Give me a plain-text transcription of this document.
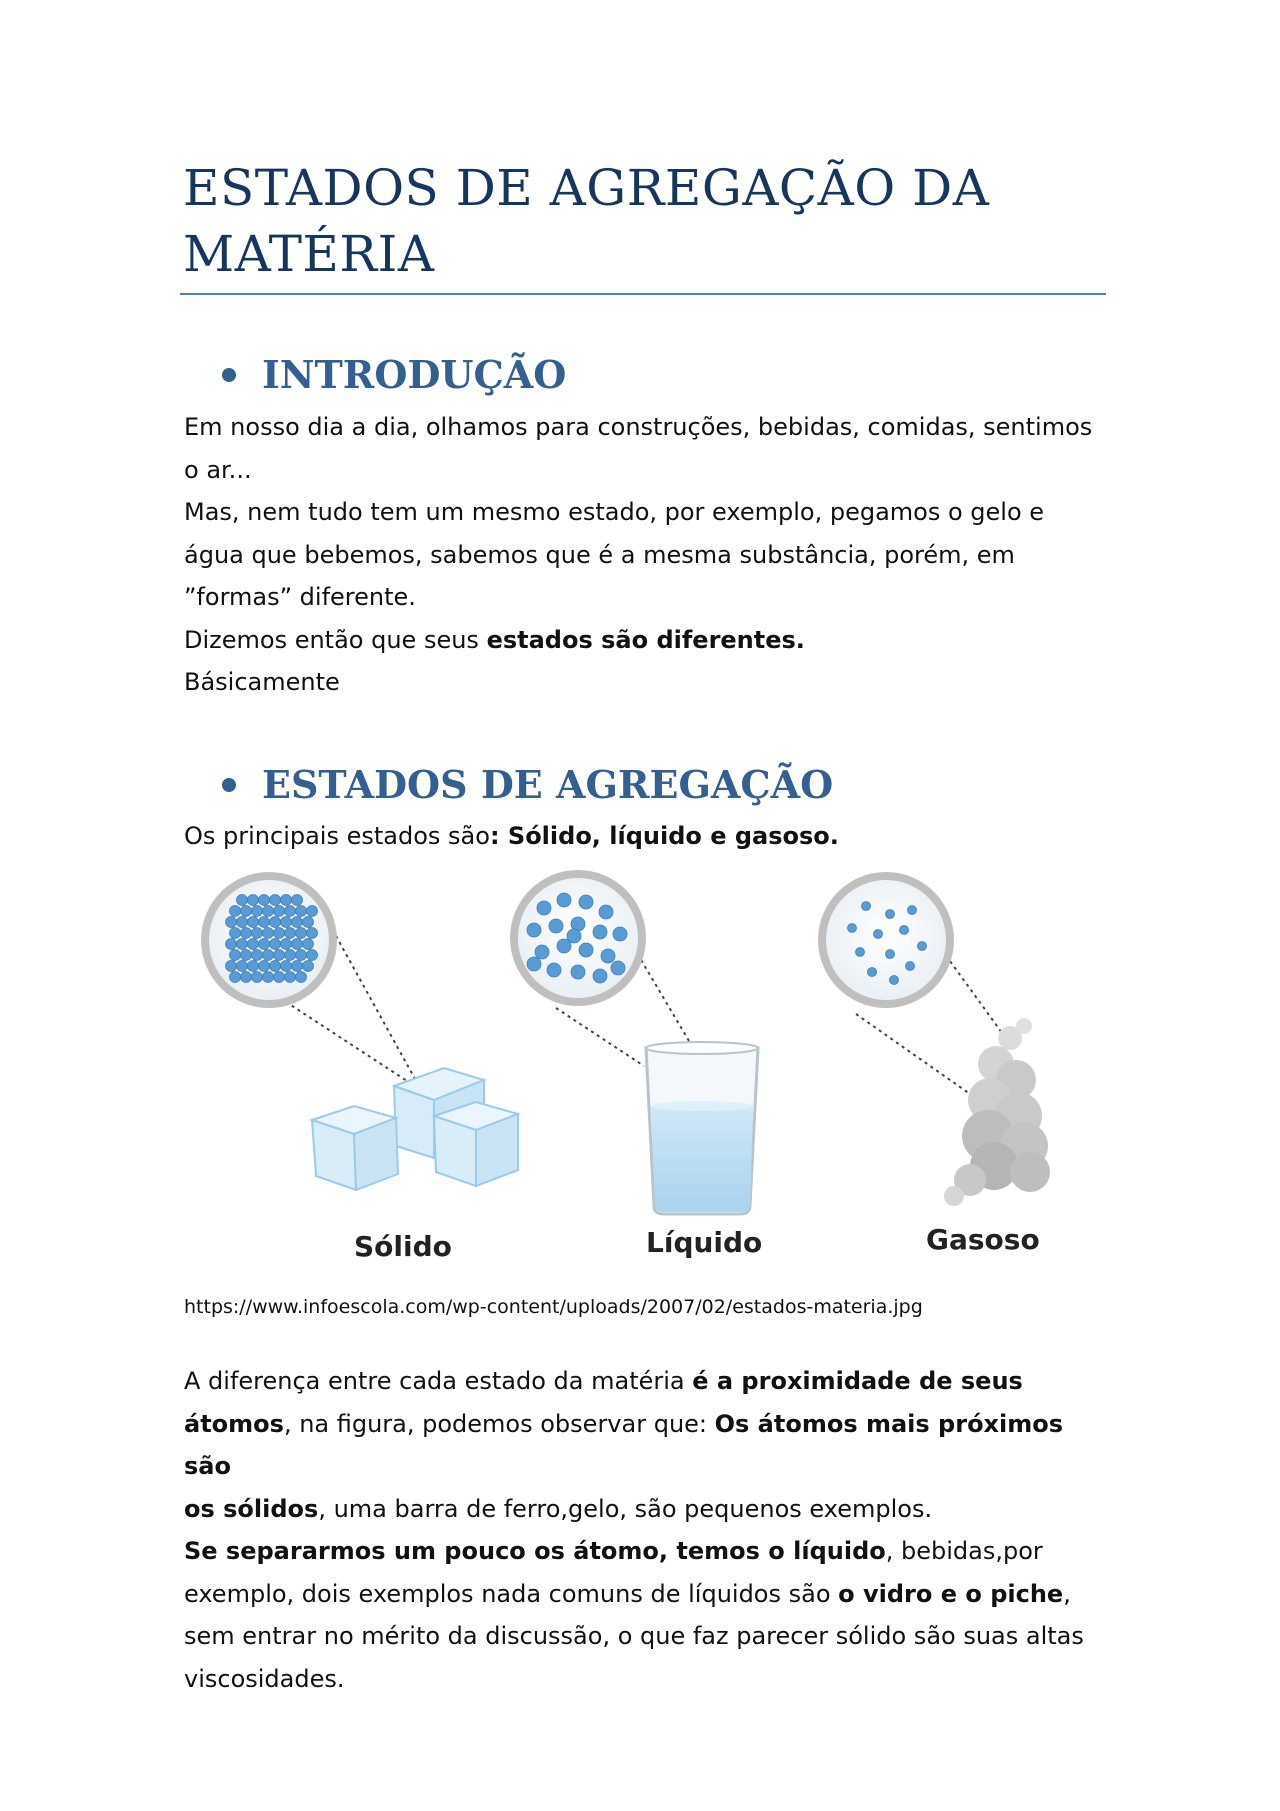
ESTADOS DE AGREGAÇÃO DA
MATÉRIA
INTRODUÇÃO
Em nosso dia a dia, olhamos para construções, bebidas, comidas, sentimos
o ar...
Mas, nem tudo tem um mesmo estado, por exemplo, pegamos o gelo e
água que bebemos, sabemos que é a mesma substância, porém, em
”formas” diferente.
Dizemos então que seus estados são diferentes.
Básicamente
ESTADOS DE AGREGAÇÃO
Os principais estados são: Sólido, líquido e gasoso.
Sólido	Líquido	Gasoso

https://www.infoescola.com/wp-content/uploads/2007/02/estados-materia.jpg

A diferença entre cada estado da matéria é a proximidade de seus
átomos, na figura, podemos observar que: Os átomos mais próximos são
os sólidos, uma barra de ferro,gelo, são pequenos exemplos.
Se separarmos um pouco os átomo, temos o líquido, bebidas,por
exemplo, dois exemplos nada comuns de líquidos são o vidro e o piche,
sem entrar no mérito da discussão, o que faz parecer sólido são suas altas
viscosidades.
